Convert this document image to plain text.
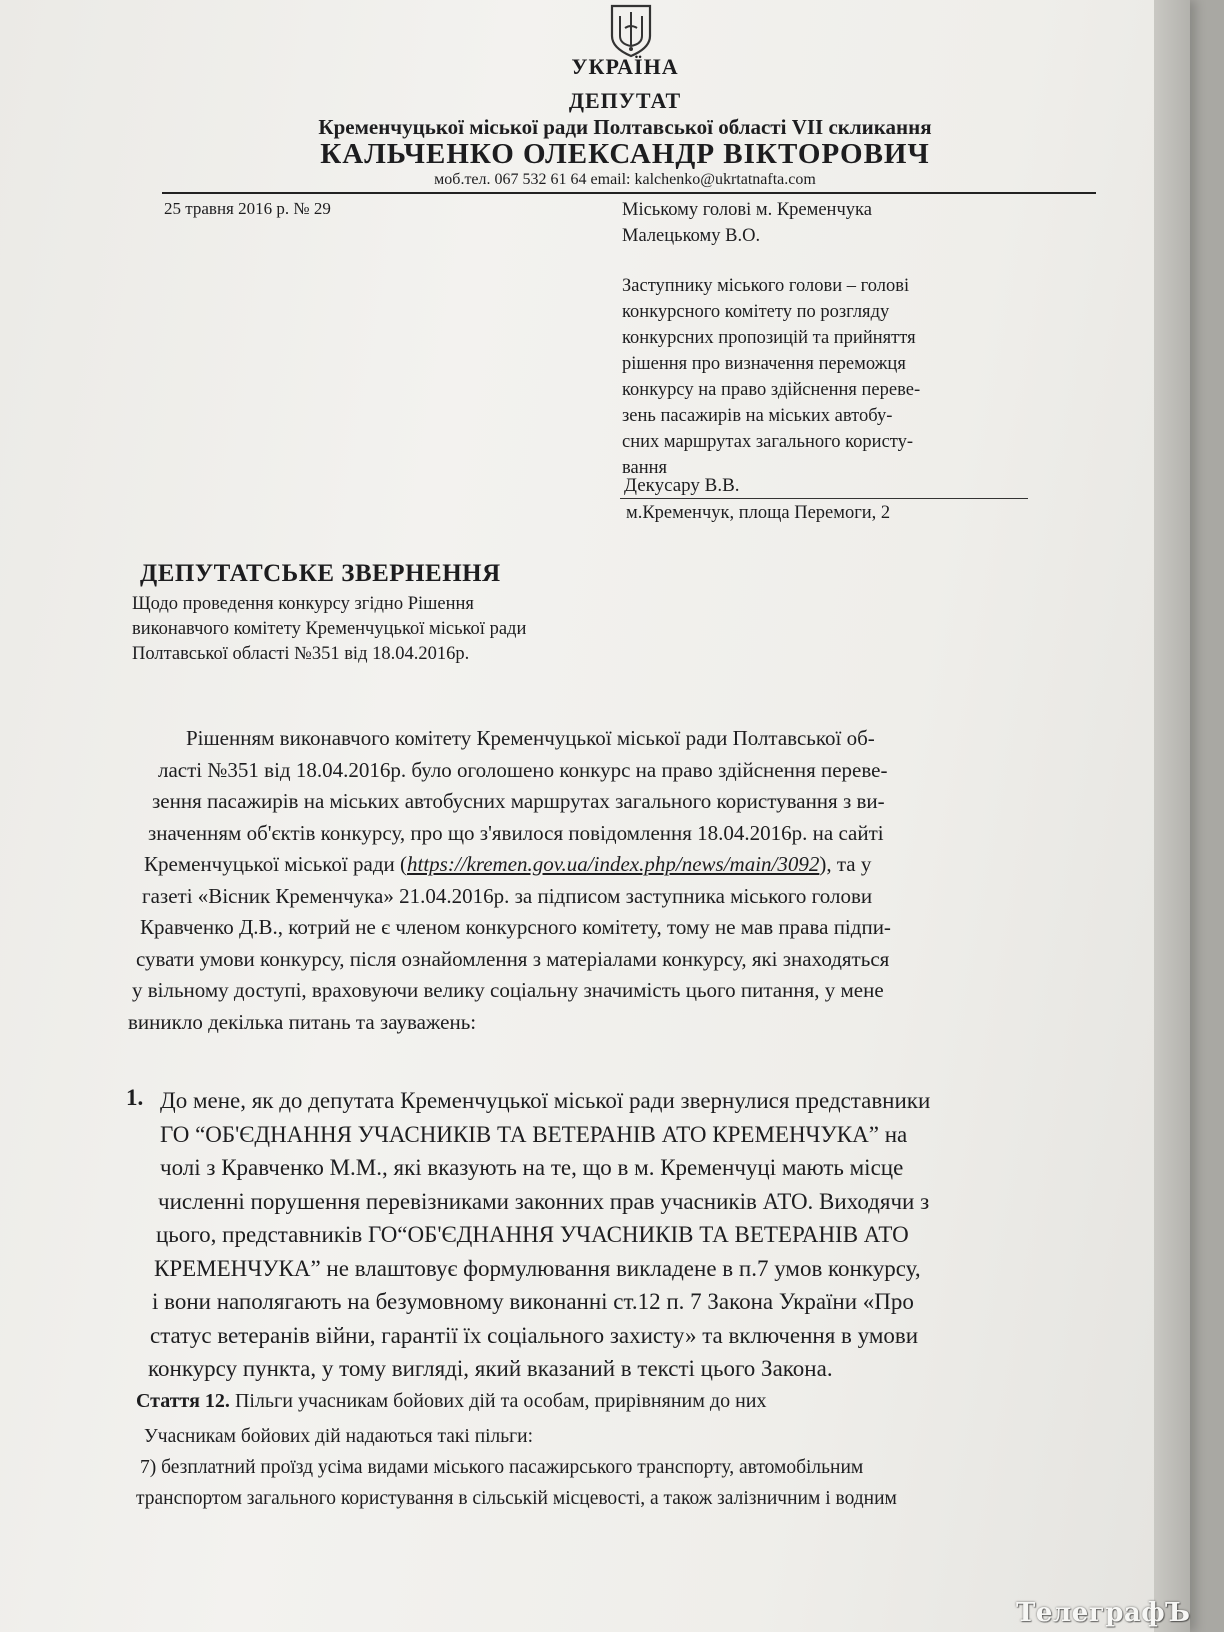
УКРАЇНА
ДЕПУТАТ
Кременчуцької міської ради Полтавської області VII скликання
КАЛЬЧЕНКО ОЛЕКСАНДР ВІКТОРОВИЧ
моб.тел. 067 532 61 64 email: kalchenko@ukrtatnafta.com
25 травня 2016 р. № 29	Міському голові м. Кременчука
Малецькому В.О.
Заступнику міського голови – голові
конкурсного комітету по розгляду
конкурсних пропозицій та прийняття
рішення про визначення переможця
конкурсу на право здійснення переве-
зень пасажирів на міських автобу-
сних маршрутах загального користу-
вання
Декусару В.В.
м.Кременчук, площа Перемоги, 2
ДЕПУТАТСЬКЕ ЗВЕРНЕННЯ
Щодо проведення конкурсу згідно Рішення
виконавчого комітету Кременчуцької міської ради
Полтавської області №351 від 18.04.2016р.
Рішенням виконавчого комітету Кременчуцької міської ради Полтавської об-
ласті №351 від 18.04.2016р. було оголошено конкурс на право здійснення переве-
зення пасажирів на міських автобусних маршрутах загального користування з ви-
значенням об'єктів конкурсу, про що з'явилося повідомлення 18.04.2016р. на сайті
Кременчуцької міської ради (https://kremen.gov.ua/index.php/news/main/3092), та у
газеті «Вісник Кременчука» 21.04.2016р. за підписом заступника міського голови
Кравченко Д.В., котрий не є членом конкурсного комітету, тому не мав права підпи-
сувати умови конкурсу, після ознайомлення з матеріалами конкурсу, які знаходяться
у вільному доступі, враховуючи велику соціальну значимість цього питання, у мене
виникло декілька питань та зауважень:
1. До мене, як до депутата Кременчуцької міської ради звернулися представники
ГО “ОБ'ЄДНАННЯ УЧАСНИКІВ ТА ВЕТЕРАНІВ АТО КРЕМЕНЧУКА” на
чолі з Кравченко М.М., які вказують на те, що в м. Кременчуці мають місце
численні порушення перевізниками законних прав учасників АТО. Виходячи з
цього, представників ГО“ОБ'ЄДНАННЯ УЧАСНИКІВ ТА ВЕТЕРАНІВ АТО
КРЕМЕНЧУКА” не влаштовує формулювання викладене в п.7 умов конкурсу,
і вони наполягають на безумовному виконанні ст.12 п. 7 Закона України «Про
статус ветеранів війни, гарантії їх соціального захисту» та включення в умови
конкурсу пункта, у тому вигляді, який вказаний в тексті цього Закона.
Стаття 12. Пільги учасникам бойових дій та особам, прирівняним до них
Учасникам бойових дій надаються такі пільги:
7) безплатний проїзд усіма видами міського пасажирського транспорту, автомобільним
транспортом загального користування в сільській місцевості, а також залізничним і водним
ТелеграфЪ
